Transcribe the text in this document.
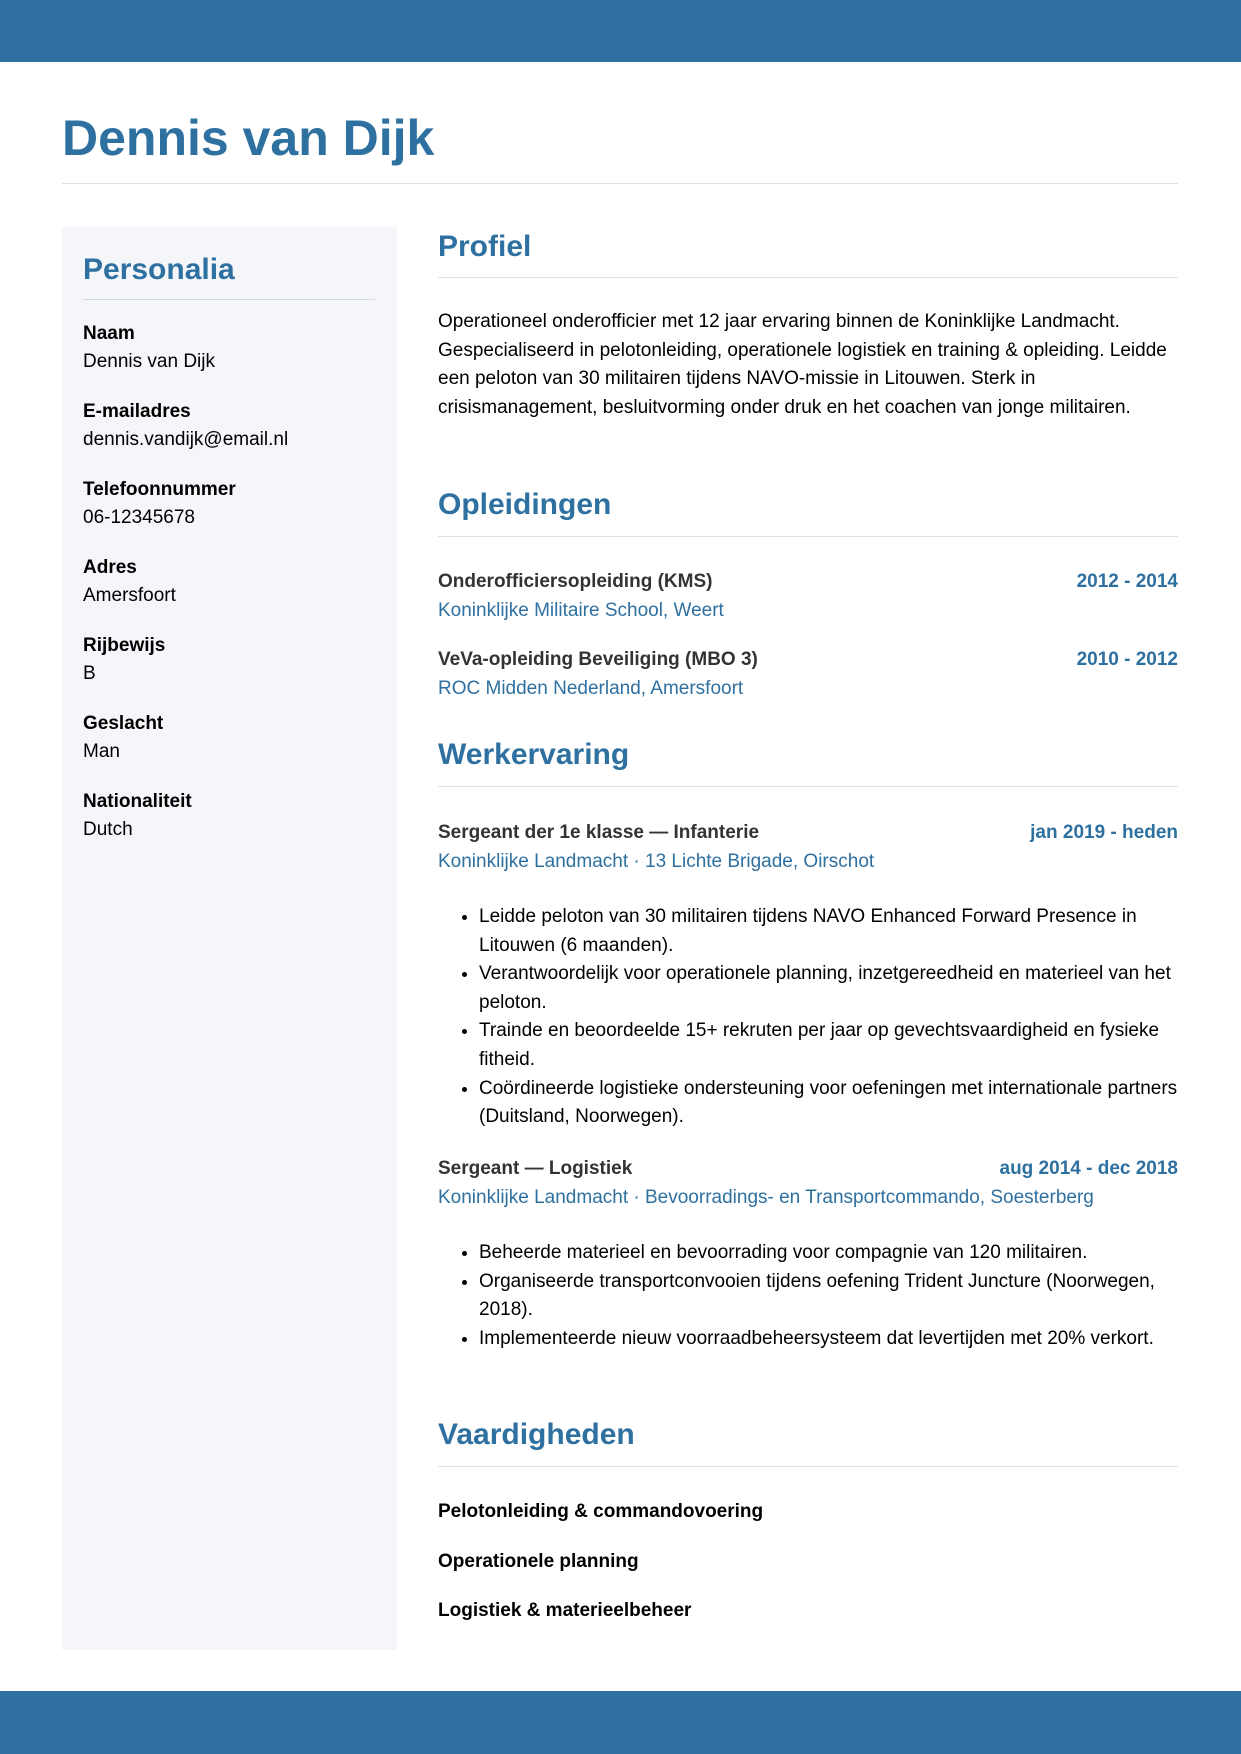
Dennis van Dijk
Personalia
Naam
Dennis van Dijk
E-mailadres
dennis.vandijk@email.nl
Telefoonnummer
06-12345678
Adres
Amersfoort
Rijbewijs
B
Geslacht
Man
Nationaliteit
Dutch
Profiel

Operationeel onderofficier met 12 jaar ervaring binnen de Koninklijke Landmacht. Gespecialiseerd in pelotonleiding, operationele logistiek en training & opleiding. Leidde een peloton van 30 militairen tijdens NAVO-missie in Litouwen. Sterk in crisismanagement, besluitvorming onder druk en het coachen van jonge militairen.

Opleidingen
Onderofficiersopleiding (KMS)	2012 - 2014
Koninklijke Militaire School, Weert
VeVa-opleiding Beveiliging (MBO 3)	2010 - 2012
ROC Midden Nederland, Amersfoort
Werkervaring
Sergeant der 1e klasse — Infanterie	jan 2019 - heden
Koninklijke Landmacht · 13 Lichte Brigade, Oirschot
• Leidde peloton van 30 militairen tijdens NAVO Enhanced Forward Presence in Litouwen (6 maanden).
• Verantwoordelijk voor operationele planning, inzetgereedheid en materieel van het peloton.
• Trainde en beoordeelde 15+ rekruten per jaar op gevechtsvaardigheid en fysieke fitheid.
• Coördineerde logistieke ondersteuning voor oefeningen met internationale partners (Duitsland, Noorwegen).
Sergeant — Logistiek	aug 2014 - dec 2018
Koninklijke Landmacht · Bevoorradings- en Transportcommando, Soesterberg
• Beheerde materieel en bevoorrading voor compagnie van 120 militairen.
• Organiseerde transportconvooien tijdens oefening Trident Juncture (Noorwegen, 2018).
• Implementeerde nieuw voorraadbeheersysteem dat levertijden met 20% verkort.
Vaardigheden
Pelotonleiding & commandovoering
Operationele planning
Logistiek & materieelbeheer
